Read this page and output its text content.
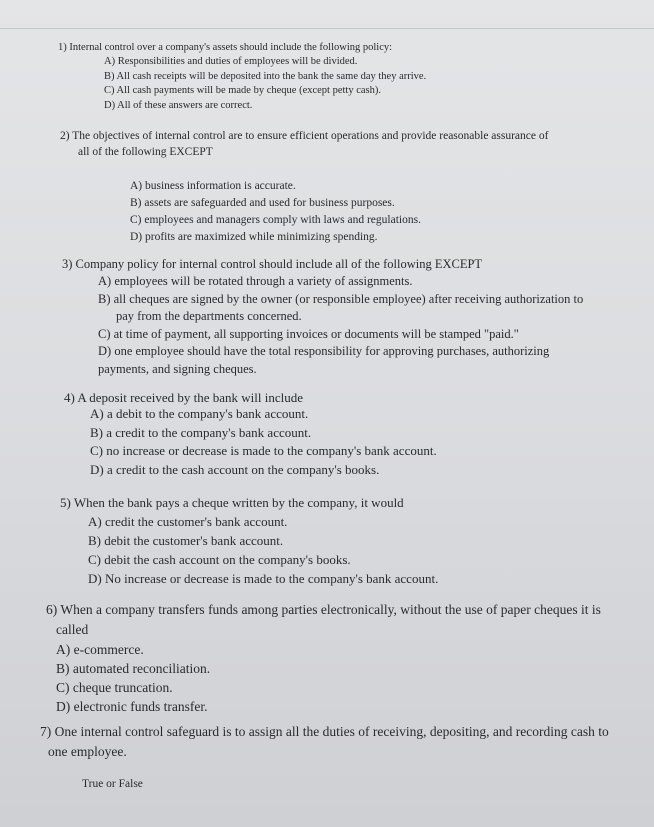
1) Internal control over a company's assets should include the following policy:

A) Responsibilities and duties of employees will be divided.

B) All cash receipts will be deposited into the bank the same day they arrive.

C) All cash payments will be made by cheque (except petty cash).

D) All of these answers are correct.

2) The objectives of internal control are to ensure efficient operations and provide reasonable assurance of

all of the following EXCEPT

A) business information is accurate.

B) assets are safeguarded and used for business purposes.

C) employees and managers comply with laws and regulations.

D) profits are maximized while minimizing spending.

3) Company policy for internal control should include all of the following EXCEPT

A) employees will be rotated through a variety of assignments.

B) all cheques are signed by the owner (or responsible employee) after receiving authorization to

pay from the departments concerned.

C) at time of payment, all supporting invoices or documents will be stamped "paid."

D) one employee should have the total responsibility for approving purchases, authorizing

payments, and signing cheques.

4) A deposit received by the bank will include

A) a debit to the company's bank account.

B) a credit to the company's bank account.

C) no increase or decrease is made to the company's bank account.

D) a credit to the cash account on the company's books.

5) When the bank pays a cheque written by the company, it would

A) credit the customer's bank account.

B) debit the customer's bank account.

C) debit the cash account on the company's books.

D) No increase or decrease is made to the company's bank account.

6) When a company transfers funds among parties electronically, without the use of paper cheques it is

called

A) e-commerce.

B) automated reconciliation.

C) cheque truncation.

D) electronic funds transfer.

7) One internal control safeguard is to assign all the duties of receiving, depositing, and recording cash to

one employee.

True or False
